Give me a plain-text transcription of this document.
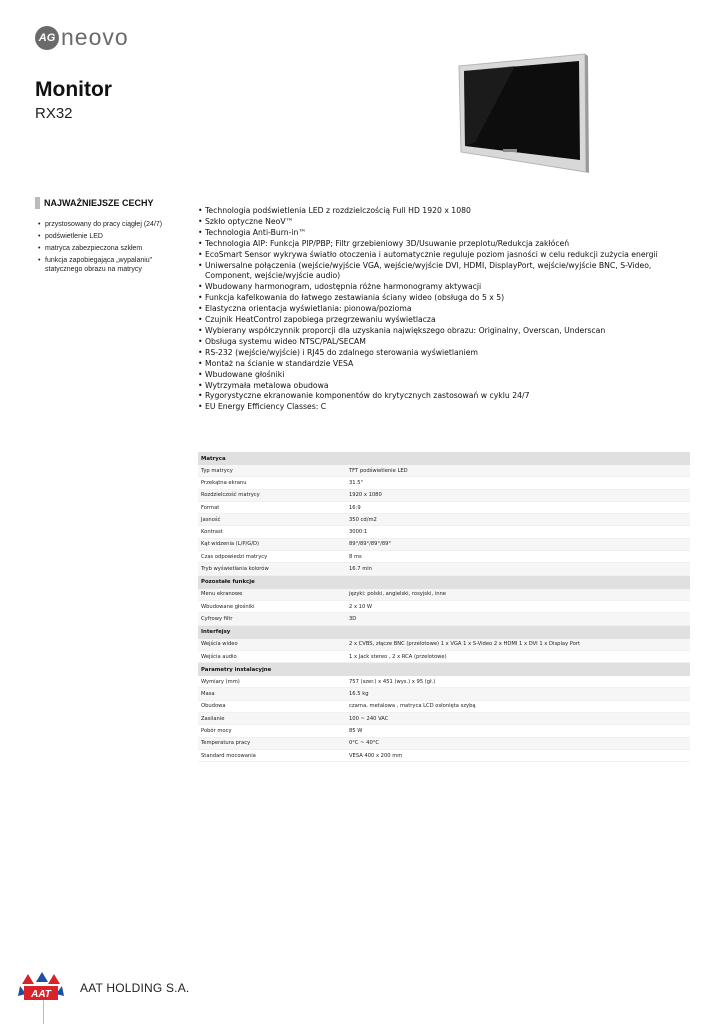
AG neovo
Monitor
RX32
NAJWAŻNIEJSZE CECHY
• przystosowany do pracy ciągłej (24/7)
• podświetlenie LED
• matryca zabezpieczona szkłem
• funkcja zapobiegająca „wypalaniu" statycznego obrazu na matrycy
• Technologia podświetlenia LED z rozdzielczością Full HD 1920 x 1080
• Szkło optyczne NeoV™
• Technologia Anti-Burn-in™
• Technologia AIP: Funkcja PIP/PBP; Filtr grzebieniowy 3D/Usuwanie przeplotu/Redukcja zakłóceń
• EcoSmart Sensor wykrywa światło otoczenia i automatycznie reguluje poziom jasności w celu redukcji zużycia energii
• Uniwersalne połączenia (wejście/wyjście VGA, wejście/wyjście DVI, HDMI, DisplayPort, wejście/wyjście BNC, S-Video, Component, wejście/wyjście audio)
• Wbudowany harmonogram, udostępnia różne harmonogramy aktywacji
• Funkcja kafelkowania do łatwego zestawiania ściany wideo (obsługa do 5 x 5)
• Elastyczna orientacja wyświetlania: pionowa/pozioma
• Czujnik HeatControl zapobiega przegrzewaniu wyświetlacza
• Wybierany współczynnik proporcji dla uzyskania największego obrazu: Originalny, Overscan, Underscan
• Obsługa systemu wideo NTSC/PAL/SECAM
• RS-232 (wejście/wyjście) i RJ45 do zdalnego sterowania wyświetlaniem
• Montaż na ścianie w standardzie VESA
• Wbudowane głośniki
• Wytrzymała metalowa obudowa
• Rygorystyczne ekranowanie komponentów do krytycznych zastosowań w cyklu 24/7
• EU Energy Efficiency Classes: C
Matryca	
Typ matrycy	TFT podświetlenie LED
Przekątna ekranu	31.5"
Rozdzielczość matrycy	1920 x 1080
Format	16:9
Jasność	350 cd/m2
Kontrast	3000:1
Kąt widzenia (L/P/G/D)	89°/89°/89°/89°
Czas odpowiedzi matrycy	8 ms
Tryb wyświetlania kolorów	16.7 mln
Pozostałe funkcje	
Menu ekranowe	języki: polski, angielski, rosyjski, inne
Wbudowane głośniki	2 x 10 W
Cyfrowy filtr	3D
Interfejsy	
Wejścia wideo	2 x CVBS, złącze BNC (przelotowe) 1 x VGA 1 x S-Video 2 x HDMI 1 x DVI 1 x Display Port
Wejścia audio	1 x Jack stereo , 2 x RCA (przelotowe)
Parametry instalacyjne	
Wymiary (mm)	757 (szer.) x 451 (wys.) x 95 (gł.)
Masa	16.5 kg
Obudowa	czarna, metalowa , matryca LCD osłonięta szybą
Zasilanie	100 ~ 240 VAC
Pobór mocy	85 W
Temperatura pracy	0°C ~ 40°C
Standard mocowania	VESA 400 x 200 mm
AAT AAT HOLDING S.A.
